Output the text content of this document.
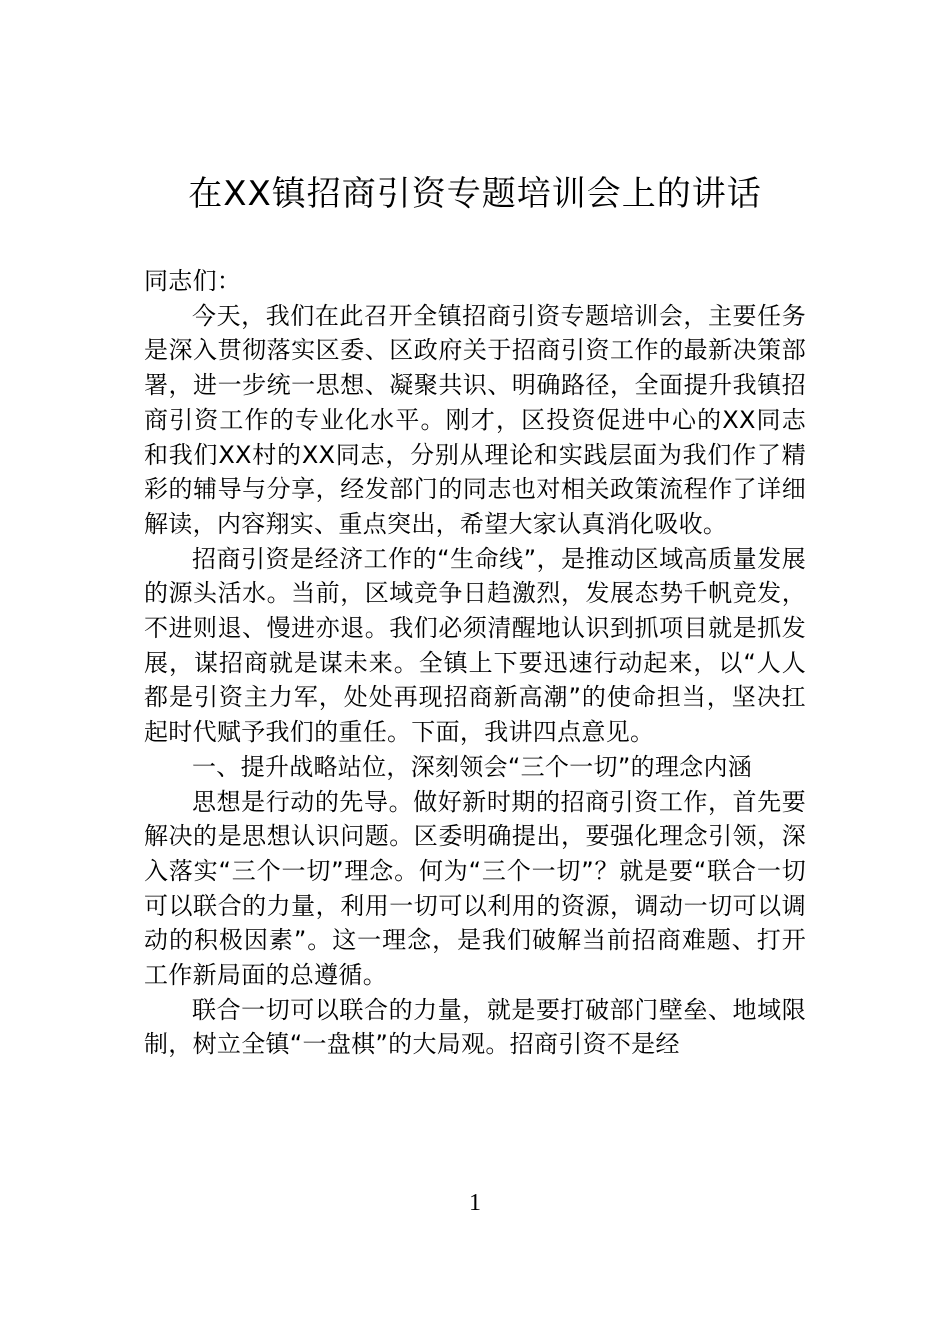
在XX镇招商引资专题培训会上的讲话

同志们：

今天，我们在此召开全镇招商引资专题培训会，主要任务是深入贯彻落实区委、区政府关于招商引资工作的最新决策部署，进一步统一思想、凝聚共识、明确路径，全面提升我镇招商引资工作的专业化水平。刚才，区投资促进中心的XX同志和我们XX村的XX同志，分别从理论和实践层面为我们作了精彩的辅导与分享，经发部门的同志也对相关政策流程作了详细解读，内容翔实、重点突出，希望大家认真消化吸收。

招商引资是经济工作的“生命线”，是推动区域高质量发展的源头活水。当前，区域竞争日趋激烈，发展态势千帆竞发，不进则退、慢进亦退。我们必须清醒地认识到抓项目就是抓发展，谋招商就是谋未来。全镇上下要迅速行动起来，以“人人都是引资主力军，处处再现招商新高潮”的使命担当，坚决扛起时代赋予我们的重任。下面，我讲四点意见。

一、提升战略站位，深刻领会“三个一切”的理念内涵

思想是行动的先导。做好新时期的招商引资工作，首先要解决的是思想认识问题。区委明确提出，要强化理念引领，深入落实“三个一切”理念。何为“三个一切”？就是要“联合一切可以联合的力量，利用一切可以利用的资源，调动一切可以调动的积极因素”。这一理念，是我们破解当前招商难题、打开工作新局面的总遵循。

联合一切可以联合的力量，就是要打破部门壁垒、地域限制，树立全镇“一盘棋”的大局观。招商引资不是经

1
